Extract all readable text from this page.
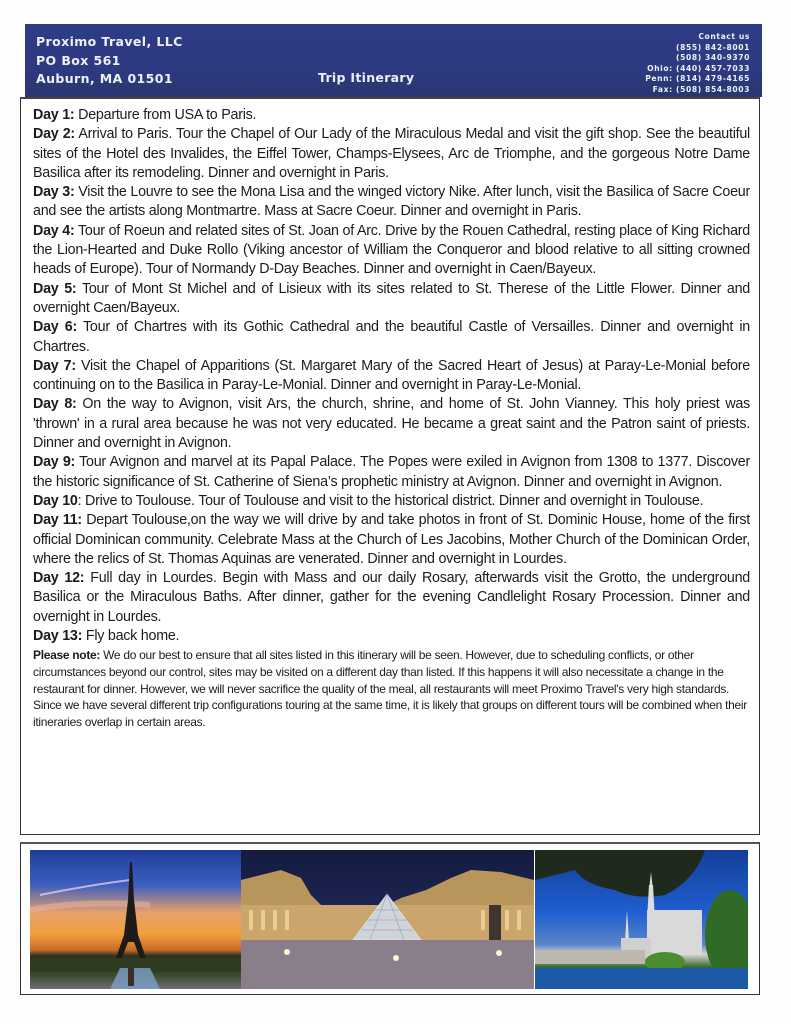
Proximo Travel, LLC
PO Box 561
Auburn, MA 01501	Trip Itinerary
Contact us
(855) 842-8001
(508) 340-9370
Ohio: (440) 457-7033
Penn: (814) 479-4165
Fax: (508) 854-8003

Day 1: Departure from USA to Paris.

Day 2: Arrival to Paris. Tour the Chapel of Our Lady of the Miraculous Medal and visit the gift shop. See the beautiful sites of the Hotel des Invalides, the Eiffel Tower, Champs-Elysees, Arc de Triomphe, and the gorgeous Notre Dame Basilica after its remodeling. Dinner and overnight in Paris.

Day 3: Visit the Louvre to see the Mona Lisa and the winged victory Nike. After lunch, visit the Basilica of Sacre Coeur and see the artists along Montmartre. Mass at Sacre Coeur. Dinner and overnight in Paris.

Day 4: Tour of Roeun and related sites of St. Joan of Arc. Drive by the Rouen Cathedral, resting place of King Richard the Lion-Hearted and Duke Rollo (Viking ancestor of William the Conqueror and blood relative to all sitting crowned heads of Europe). Tour of Normandy D-Day Beaches. Dinner and overnight in Caen/Bayeux.

Day 5: Tour of Mont St Michel and of Lisieux with its sites related to St. Therese of the Little Flower. Dinner and overnight Caen/Bayeux.

Day 6: Tour of Chartres with its Gothic Cathedral and the beautiful Castle of Versailles. Dinner and overnight in Chartres.

Day 7: Visit the Chapel of Apparitions (St. Margaret Mary of the Sacred Heart of Jesus) at Paray-Le-Monial before continuing on to the Basilica in Paray-Le-Monial. Dinner and overnight in Paray-Le-Monial.

Day 8: On the way to Avignon, visit Ars, the church, shrine, and home of St. John Vianney. This holy priest was 'thrown' in a rural area because he was not very educated. He became a great saint and the Patron saint of priests. Dinner and overnight in Avignon.

Day 9: Tour Avignon and marvel at its Papal Palace. The Popes were exiled in Avignon from 1308 to 1377. Discover the historic significance of St. Catherine of Siena’s prophetic ministry at Avignon. Dinner and overnight in Avignon.

Day 10: Drive to Toulouse. Tour of Toulouse and visit to the historical district. Dinner and overnight in Toulouse.

Day 11: Depart Toulouse,on the way we will drive by and take photos in front of St. Dominic House, home of the first official Dominican community. Celebrate Mass at the Church of Les Jacobins, Mother Church of the Dominican Order, where the relics of St. Thomas Aquinas are venerated. Dinner and overnight in Lourdes.

Day 12: Full day in Lourdes. Begin with Mass and our daily Rosary, afterwards visit the Grotto, the underground Basilica or the Miraculous Baths. After dinner, gather for the evening Candlelight Rosary Procession. Dinner and overnight in Lourdes.

Day 13: Fly back home.

Please note: We do our best to ensure that all sites listed in this itinerary will be seen. However, due to scheduling conflicts, or other circumstances beyond our control, sites may be visited on a different day than listed. If this happens it will also necessitate a change in the restaurant for dinner. However, we will never sacrifice the quality of the meal, all restaurants will meet Proximo Travel's very high standards. Since we have several different trip configurations touring at the same time, it is likely that groups on different tours will be combined when their itineraries overlap in certain areas.
